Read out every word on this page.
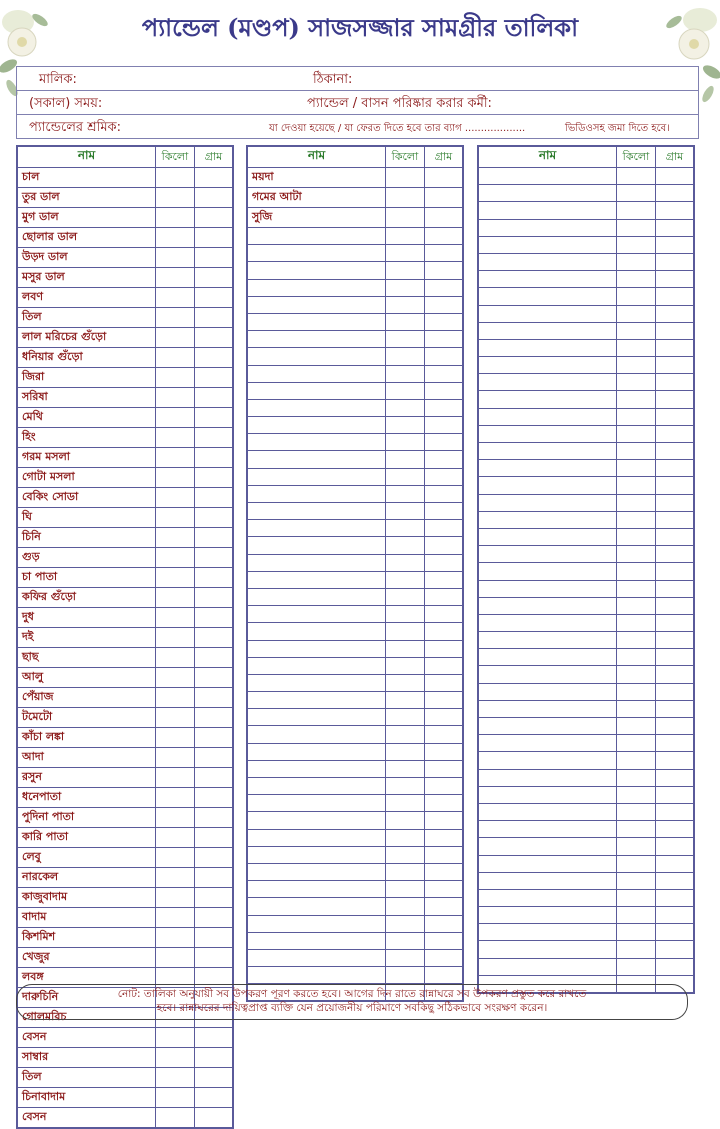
প্যান্ডেল (মণ্ডপ) সাজসজ্জার সামগ্রীর তালিকা
মালিক:	ঠিকানা:
(সকাল) সময়:	প্যান্ডেল / বাসন পরিষ্কার করার কর্মী:
প্যান্ডেলের শ্রমিক:	যা দেওয়া হয়েছে / যা ফেরত দিতে হবে তার ব্যাগ ...................	ভিডিওসহ জমা দিতে হবে।
নাম	কিলো	গ্রাম
চাল		
তুর ডাল		
মুগ ডাল		
ছোলার ডাল		
উড়দ ডাল		
মসুর ডাল		
লবণ		
তিল		
লাল মরিচের গুঁড়ো		
ধনিয়ার গুঁড়ো		
জিরা		
সরিষা		
মেথি		
হিং		
গরম মসলা		
গোটা মসলা		
বেকিং সোডা		
ঘি		
চিনি		
গুড়		
চা পাতা		
কফির গুঁড়ো		
দুধ		
দই		
ছাছ		
আলু		
পেঁয়াজ		
টমেটো		
কাঁচা লঙ্কা		
আদা		
রসুন		
ধনেপাতা		
পুদিনা পাতা		
কারি পাতা		
লেবু		
নারকেল		
কাজুবাদাম		
বাদাম		
কিশমিশ		
খেজুর		
লবঙ্গ		
দারুচিনি		
গোলমরিচ		
বেসন		
সাম্বার		
তিল		
চিনাবাদাম		
বেসন		
নাম	কিলো	গ্রাম
ময়দা		
গমের আটা		
সুজি		

নাম	কিলো	গ্রাম

নোট: তালিকা অনুযায়ী সব উপকরণ পূরণ করতে হবে। আগের দিন রাতে রান্নাঘরে সব উপকরণ প্রস্তুত করে রাখতে
হবে। রান্নাঘরের দায়িত্বপ্রাপ্ত ব্যক্তি যেন প্রয়োজনীয় পরিমাণে সবকিছু সঠিকভাবে সংরক্ষণ করেন।
